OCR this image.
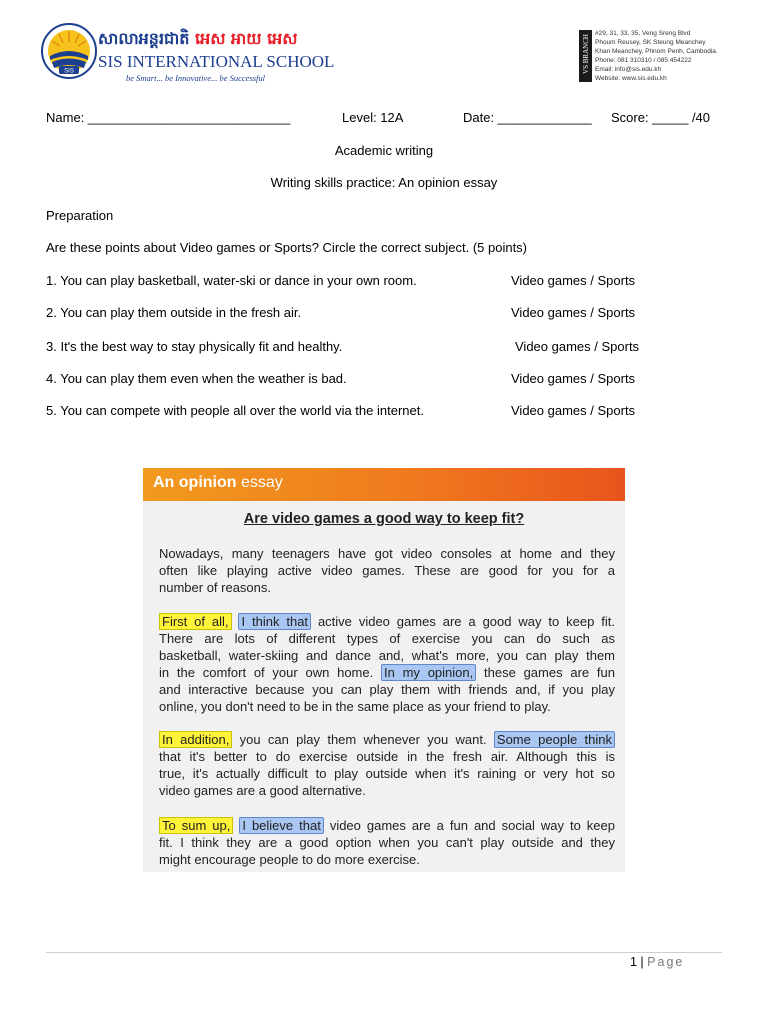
SIS
សាលាអន្តរជាតិ អេស អាយ អេស
SIS INTERNATIONAL SCHOOL
be Smart... be Innovative... be Successful
VS BRANCH
#29, 31, 33, 35, Veng Sreng Blvd
Phoum Reusey, SK Steung Meanchey
Khan Meanchey, Phnom Penh, Cambodia.
Phone: 081 310310 / 085 454222
Email: info@sis.edu.kh
Website: www.sis.edu.kh
Name: ____________________________	Level: 12A	Date: _____________ Score: _____ /40
Academic writing
Writing skills practice: An opinion essay
Preparation
Are these points about Video games or Sports? Circle the correct subject. (5 points)
1. You can play basketball, water-ski or dance in your own room.	Video games / Sports
2. You can play them outside in the fresh air.	Video games / Sports
3. It's the best way to stay physically fit and healthy.	Video games / Sports
4. You can play them even when the weather is bad.	Video games / Sports
5. You can compete with people all over the world via the internet.	Video games / Sports
An opinion essay
Are video games a good way to keep fit?
Nowadays, many teenagers have got video consoles at home and they
often like playing active video games. These are good for you for a
number of reasons.
First of all, I think that active video games are a good way to keep fit.
There are lots of different types of exercise you can do such as
basketball, water-skiing and dance and, what's more, you can play them
in the comfort of your own home. In my opinion, these games are fun
and interactive because you can play them with friends and, if you play
online, you don't need to be in the same place as your friend to play.
In addition, you can play them whenever you want. Some people think
that it's better to do exercise outside in the fresh air. Although this is
true, it's actually difficult to play outside when it's raining or very hot so
video games are a good alternative.
To sum up, I believe that video games are a fun and social way to keep
fit. I think they are a good option when you can't play outside and they
might encourage people to do more exercise.
1 | Page
